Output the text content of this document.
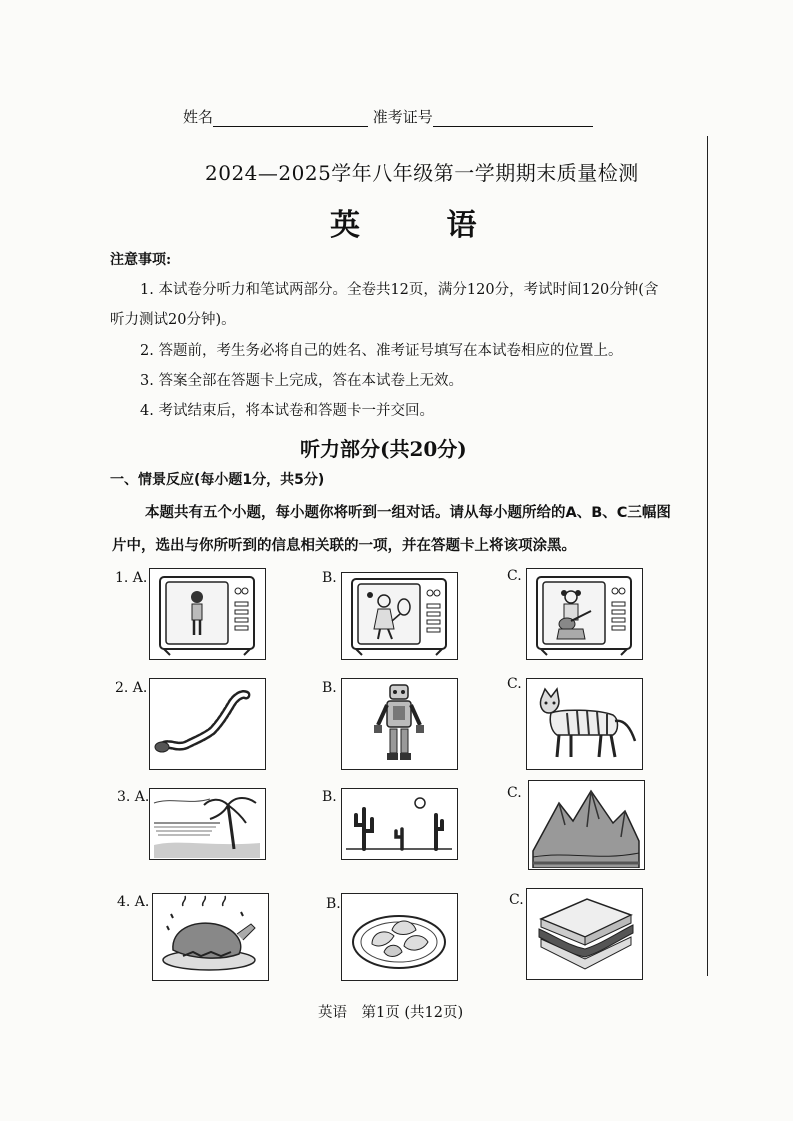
姓名	准考证号
2024—2025学年八年级第一学期期末质量检测
英 语
注意事项:
1. 本试卷分听力和笔试两部分。全卷共12页，满分120分，考试时间120分钟(含
听力测试20分钟)。
2. 答题前，考生务必将自己的姓名、准考证号填写在本试卷相应的位置上。
3. 答案全部在答题卡上完成，答在本试卷上无效。
4. 考试结束后，将本试卷和答题卡一并交回。
听力部分(共20分)
一、情景反应(每小题1分，共5分)
本题共有五个小题，每小题你将听到一组对话。请从每小题所给的A、B、C三幅图
片中，选出与你所听到的信息相关联的一项，并在答题卡上将该项涂黑。
1. A.	B.	C.
2. A.	B.	C.
3. A.	B.	C.
4. A.	B.	C.
英语　第1页 (共12页)
